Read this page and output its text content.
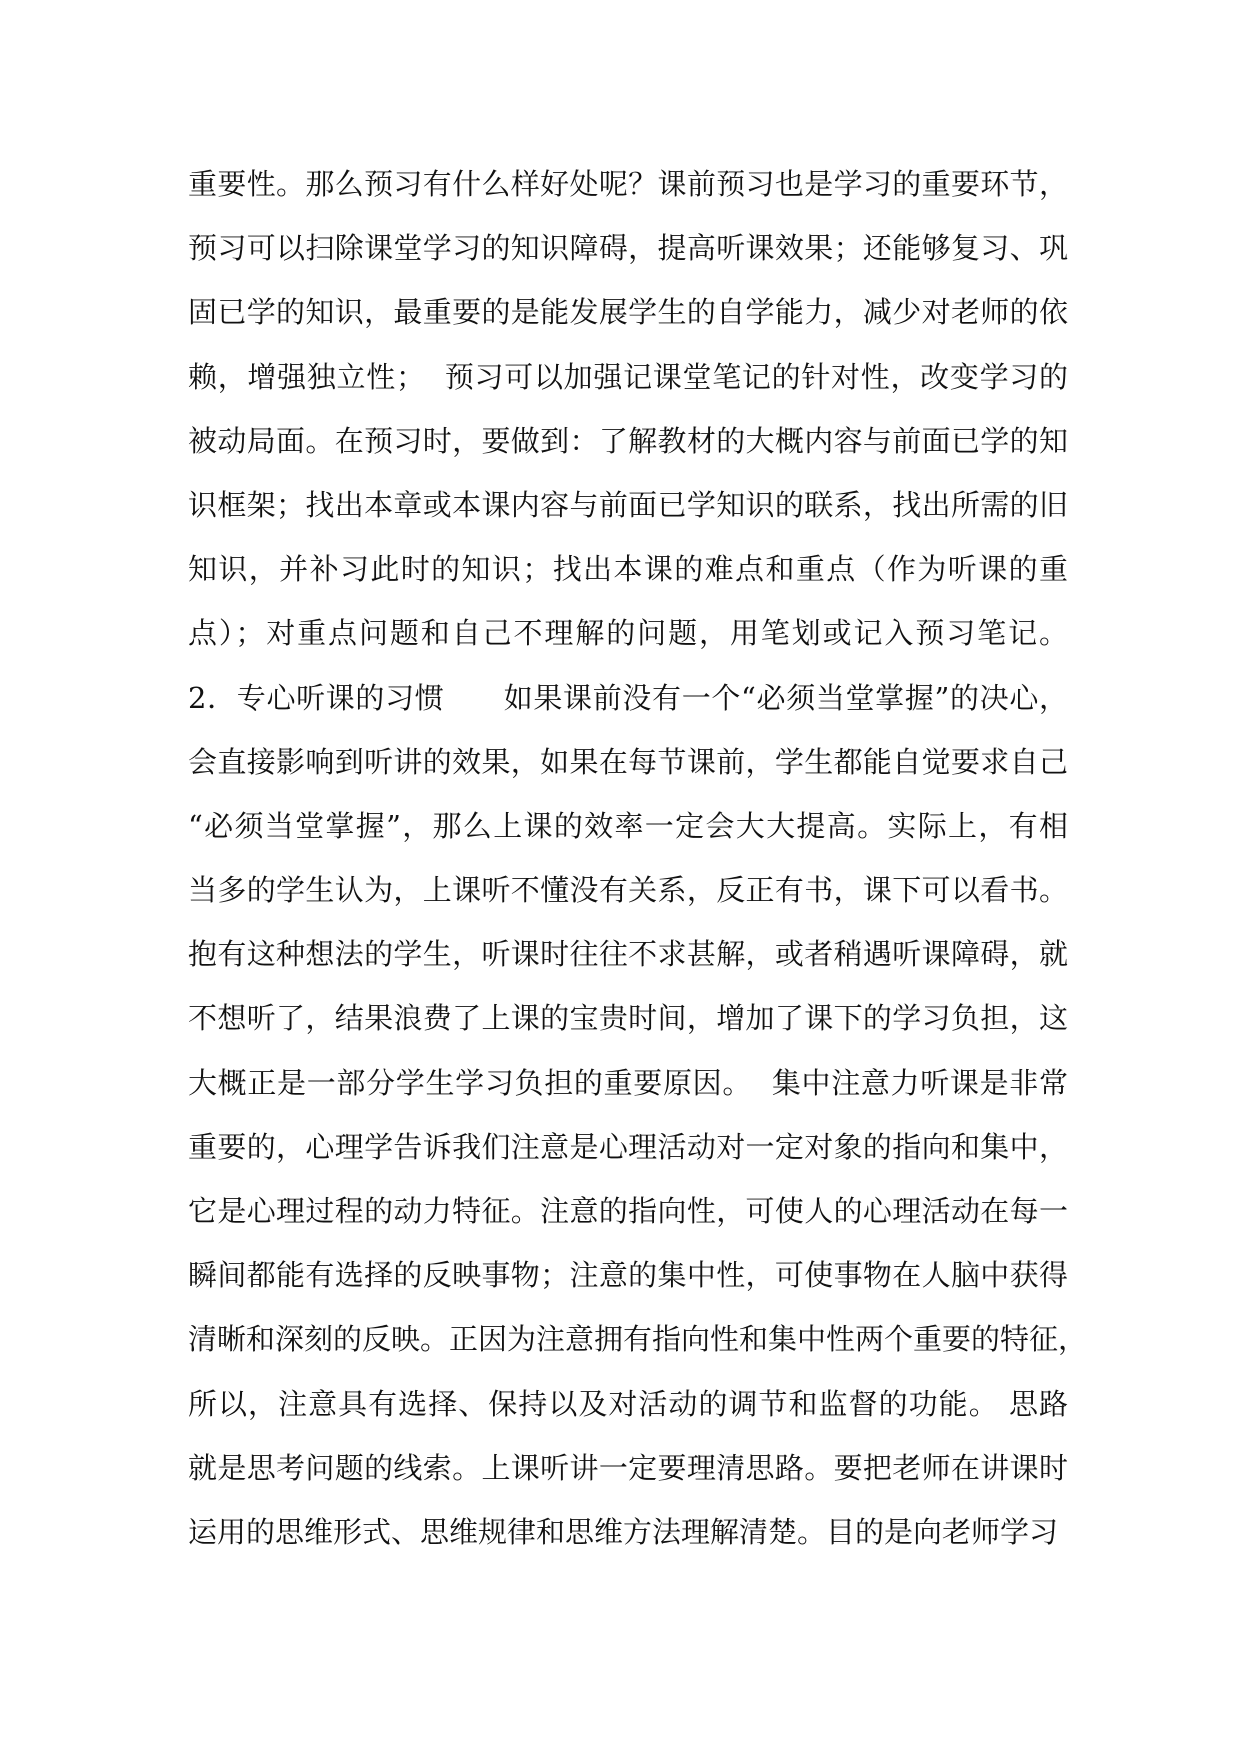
重要性。那么预习有什么样好处呢？课前预习也是学习的重要环节，
预习可以扫除课堂学习的知识障碍，提高听课效果；还能够复习、巩
固已学的知识，最重要的是能发展学生的自学能力，减少对老师的依
赖，增强独立性；  预习可以加强记课堂笔记的针对性，改变学习的
被动局面。在预习时，要做到：了解教材的大概内容与前面已学的知
识框架；找出本章或本课内容与前面已学知识的联系，找出所需的旧
知识，并补习此时的知识；找出本课的难点和重点（作为听课的重
点）；对重点问题和自己不理解的问题，用笔划或记入预习笔记。
2．专心听课的习惯      如果课前没有一个“必须当堂掌握”的决心，
会直接影响到听讲的效果，如果在每节课前，学生都能自觉要求自己
“必须当堂掌握”，那么上课的效率一定会大大提高。实际上，有相
当多的学生认为，上课听不懂没有关系，反正有书，课下可以看书。
抱有这种想法的学生，听课时往往不求甚解，或者稍遇听课障碍，就
不想听了，结果浪费了上课的宝贵时间，增加了课下的学习负担，这
大概正是一部分学生学习负担的重要原因。  集中注意力听课是非常
重要的，心理学告诉我们注意是心理活动对一定对象的指向和集中，
它是心理过程的动力特征。注意的指向性，可使人的心理活动在每一
瞬间都能有选择的反映事物；注意的集中性，可使事物在人脑中获得
清晰和深刻的反映。正因为注意拥有指向性和集中性两个重要的特征，
所以，注意具有选择、保持以及对活动的调节和监督的功能。 思路
就是思考问题的线索。上课听讲一定要理清思路。要把老师在讲课时
运用的思维形式、思维规律和思维方法理解清楚。目的是向老师学习
